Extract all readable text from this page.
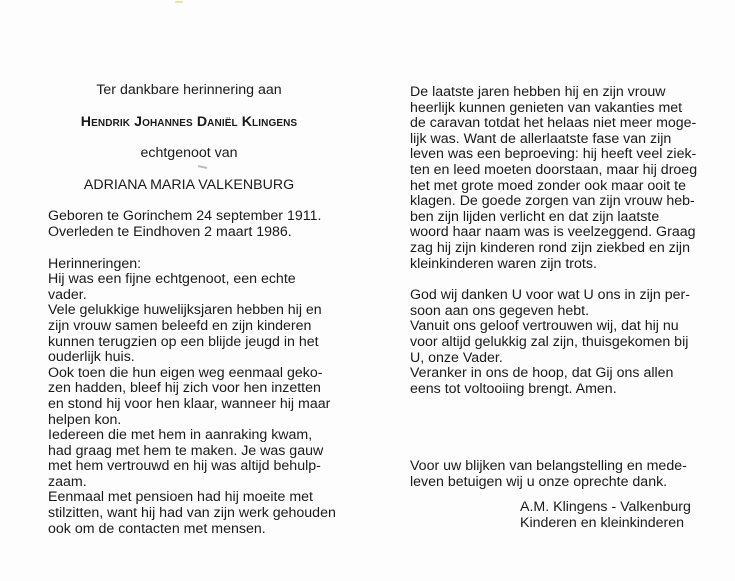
Ter dankbare herinnering aan
Hendrik Johannes Daniël Klingens
echtgenoot van
ADRIANA MARIA VALKENBURG
Geboren te Gorinchem 24 september 1911.
Overleden te Eindhoven 2 maart 1986.
Herinneringen:
Hij was een fijne echtgenoot, een echte
vader.
Vele gelukkige huwelijksjaren hebben hij en
zijn vrouw samen beleefd en zijn kinderen
kunnen terugzien op een blijde jeugd in het
ouderlijk huis.
Ook toen die hun eigen weg eenmaal geko-
zen hadden, bleef hij zich voor hen inzetten
en stond hij voor hen klaar, wanneer hij maar
helpen kon.
Iedereen die met hem in aanraking kwam,
had graag met hem te maken. Je was gauw
met hem vertrouwd en hij was altijd behulp-
zaam.
Eenmaal met pensioen had hij moeite met
stilzitten, want hij had van zijn werk gehouden
ook om de contacten met mensen.
De laatste jaren hebben hij en zijn vrouw
heerlijk kunnen genieten van vakanties met
de caravan totdat het helaas niet meer moge-
lijk was. Want de allerlaatste fase van zijn
leven was een beproeving: hij heeft veel ziek-
ten en leed moeten doorstaan, maar hij droeg
het met grote moed zonder ook maar ooit te
klagen. De goede zorgen van zijn vrouw heb-
ben zijn lijden verlicht en dat zijn laatste
woord haar naam was is veelzeggend. Graag
zag hij zijn kinderen rond zijn ziekbed en zijn
kleinkinderen waren zijn trots.
God wij danken U voor wat U ons in zijn per-
soon aan ons gegeven hebt.
Vanuit ons geloof vertrouwen wij, dat hij nu
voor altijd gelukkig zal zijn, thuisgekomen bij
U, onze Vader.
Veranker in ons de hoop, dat Gij ons allen
eens tot voltooiing brengt. Amen.
Voor uw blijken van belangstelling en mede-
leven betuigen wij u onze oprechte dank.
A.M. Klingens - Valkenburg
Kinderen en kleinkinderen
